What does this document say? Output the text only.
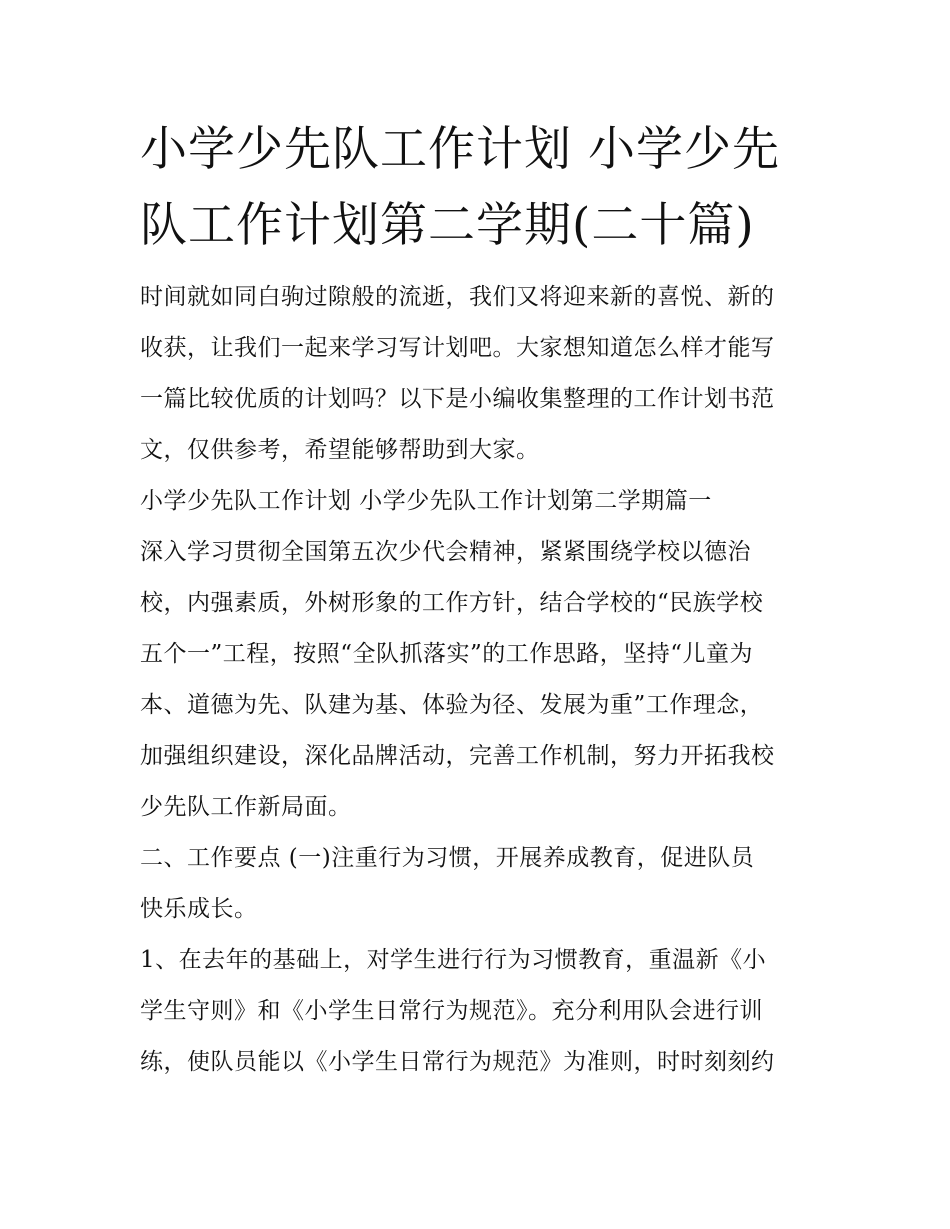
小学少先队工作计划 小学少先
队工作计划第二学期(二十篇)

时间就如同白驹过隙般的流逝，我们又将迎来新的喜悦、新的

收获，让我们一起来学习写计划吧。大家想知道怎么样才能写

一篇比较优质的计划吗？以下是小编收集整理的工作计划书范

文，仅供参考，希望能够帮助到大家。

小学少先队工作计划 小学少先队工作计划第二学期篇一

深入学习贯彻全国第五次少代会精神，紧紧围绕学校以德治

校，内强素质，外树形象的工作方针，结合学校的“民族学校

五个一”工程，按照“全队抓落实”的工作思路，坚持“儿童为

本、道德为先、队建为基、体验为径、发展为重”工作理念，

加强组织建设，深化品牌活动，完善工作机制，努力开拓我校

少先队工作新局面。

二、工作要点 (一)注重行为习惯，开展养成教育，促进队员

快乐成长。

1、在去年的基础上，对学生进行行为习惯教育，重温新《小

学生守则》和《小学生日常行为规范》。充分利用队会进行训

练，使队员能以《小学生日常行为规范》为准则，时时刻刻约
